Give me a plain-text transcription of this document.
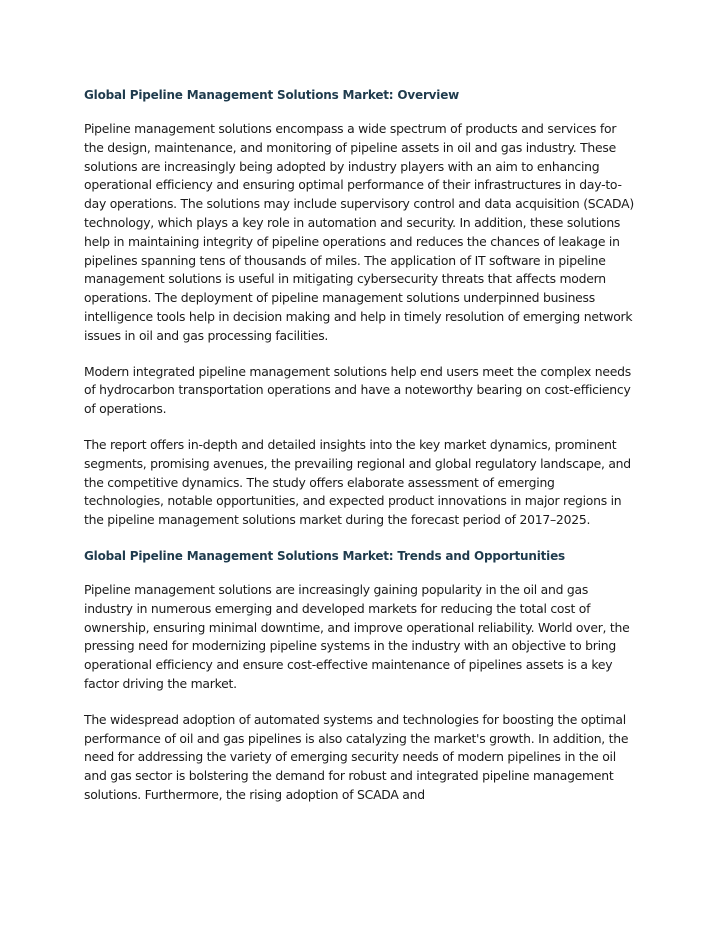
Global Pipeline Management Solutions Market: Overview

Pipeline management solutions encompass a wide spectrum of products and services for the design, maintenance, and monitoring of pipeline assets in oil and gas industry. These solutions are increasingly being adopted by industry players with an aim to enhancing operational efficiency and ensuring optimal performance of their infrastructures in day-to-day operations. The solutions may include supervisory control and data acquisition (SCADA) technology, which plays a key role in automation and security. In addition, these solutions help in maintaining integrity of pipeline operations and reduces the chances of leakage in pipelines spanning tens of thousands of miles. The application of IT software in pipeline management solutions is useful in mitigating cybersecurity threats that affects modern operations. The deployment of pipeline management solutions underpinned business intelligence tools help in decision making and help in timely resolution of emerging network issues in oil and gas processing facilities.

Modern integrated pipeline management solutions help end users meet the complex needs of hydrocarbon transportation operations and have a noteworthy bearing on cost-efficiency of operations.

The report offers in-depth and detailed insights into the key market dynamics, prominent segments, promising avenues, the prevailing regional and global regulatory landscape, and the competitive dynamics. The study offers elaborate assessment of emerging technologies, notable opportunities, and expected product innovations in major regions in the pipeline management solutions market during the forecast period of 2017–2025.

Global Pipeline Management Solutions Market: Trends and Opportunities

Pipeline management solutions are increasingly gaining popularity in the oil and gas industry in numerous emerging and developed markets for reducing the total cost of ownership, ensuring minimal downtime, and improve operational reliability. World over, the pressing need for modernizing pipeline systems in the industry with an objective to bring operational efficiency and ensure cost-effective maintenance of pipelines assets is a key factor driving the market.

The widespread adoption of automated systems and technologies for boosting the optimal performance of oil and gas pipelines is also catalyzing the market's growth. In addition, the need for addressing the variety of emerging security needs of modern pipelines in the oil and gas sector is bolstering the demand for robust and integrated pipeline management solutions. Furthermore, the rising adoption of SCADA and
